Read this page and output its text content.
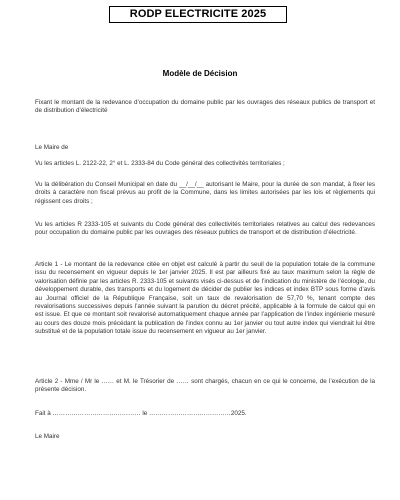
RODP ELECTRICITE 2025
Modèle de Décision

Fixant le montant de la redevance d’occupation du domaine public par les ouvrages des réseaux publics de transport et de distribution d’électricité

Le Maire de

Vu les articles L. 2122-22, 2° et L. 2333-84 du Code général des collectivités territoriales ;

Vu la délibération du Conseil Municipal en date du __/__/__ autorisant le Maire, pour la durée de son mandat, à fixer les droits à caractère non fiscal prévus au profit de la Commune, dans les limites autorisées par les lois et règlements qui régissent ces droits ;

Vu les articles R 2333-105 et suivants du Code général des collectivités territoriales relatives au calcul des redevances pour occupation du domaine public par les ouvrages des réseaux publics de transport et de distribution d’électricité.

Article 1 - Le montant de la redevance citée en objet est calculé à partir du seuil de la population totale de la commune issu du recensement en vigueur depuis le 1er janvier 2025. Il est par ailleurs fixé au taux maximum selon la règle de valorisation définie par les articles R. 2333-105 et suivants visés ci-dessus et de l’indication du ministère de l’écologie, du développement durable, des transports et du logement de décider de publier les indices et index BTP sous forme d’avis au Journal officiel de la République Française, soit un taux de revalorisation de 57,70 %, tenant compte des revalorisations successives depuis l’année suivant la parution du décret précité, applicable à la formule de calcul qui en est issue. Et que ce montant soit revalorisé automatiquement chaque année par l’application de l’index ingénierie mesuré au cours des douze mois précédant la publication de l’index connu au 1er janvier ou tout autre index qui viendrait lui être substitué et de la population totale issue du recensement en vigueur au 1er janvier.

Article 2 - Mme / Mr le …… et M. le Trésorier de …… sont chargés, chacun en ce qui le concerne, de l’exécution de la présente décision.

Fait à …………………………………… le …………………………………2025.

Le Maire
